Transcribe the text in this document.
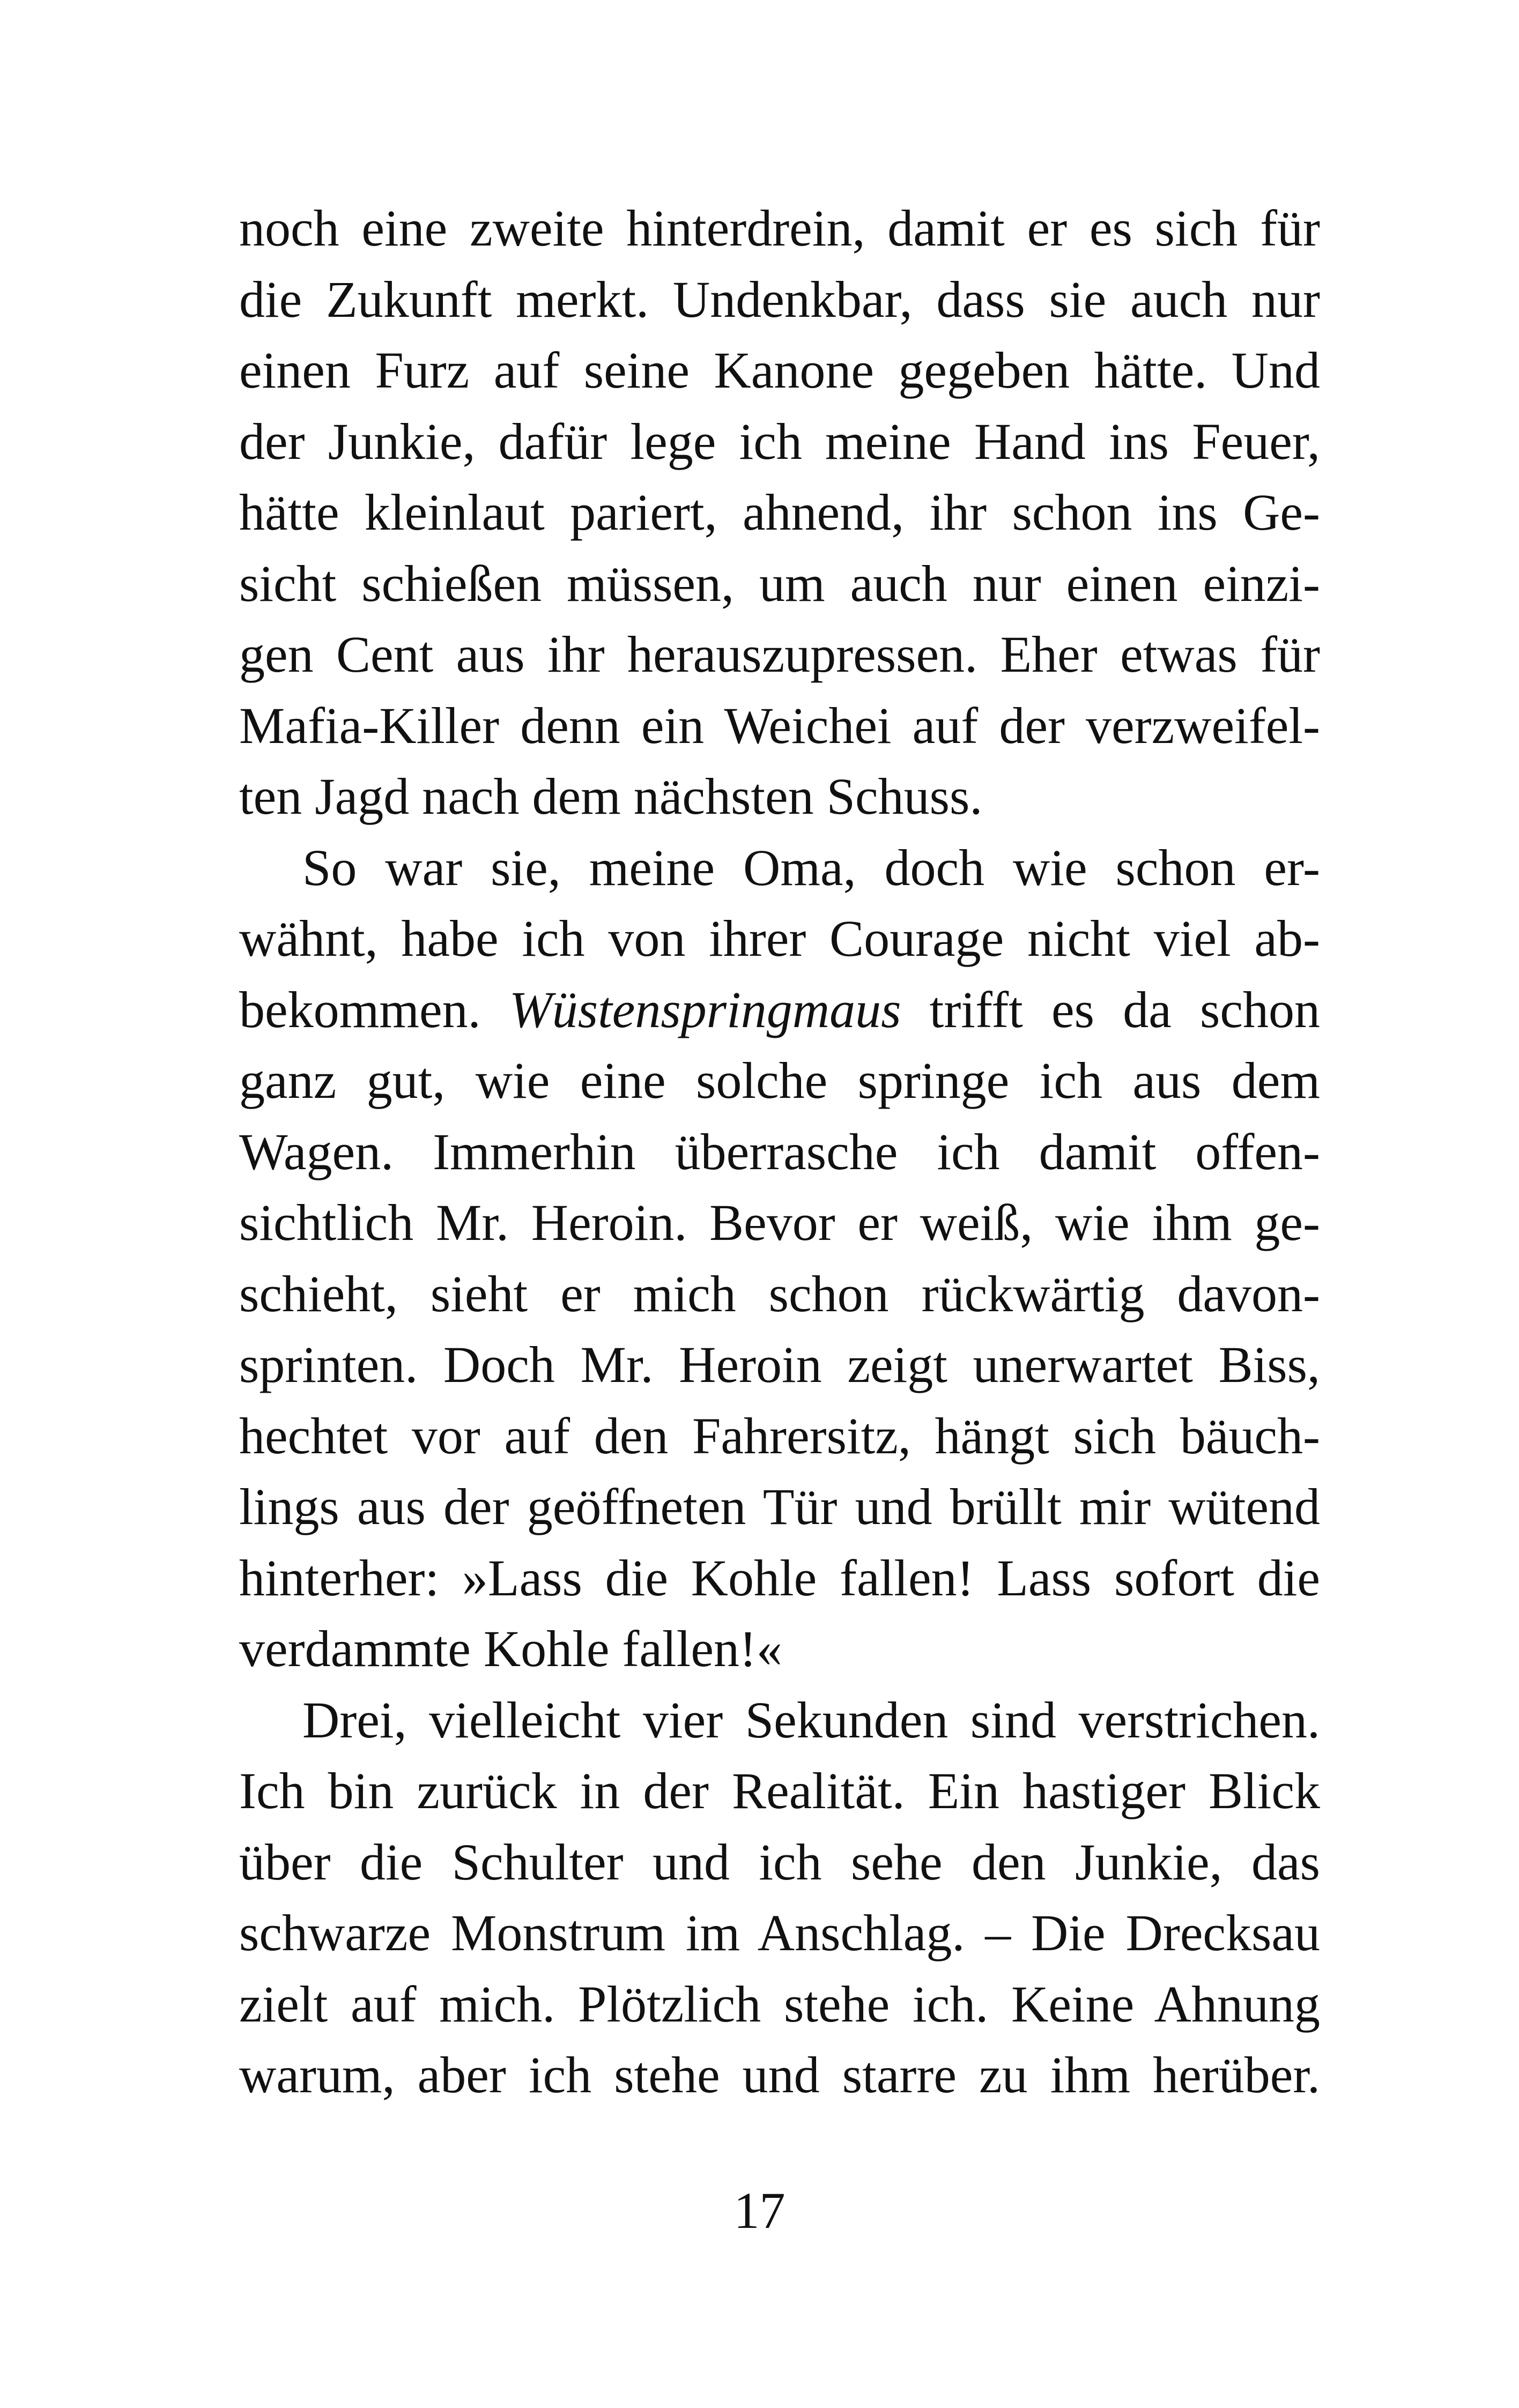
noch eine zweite hinterdrein, damit er es sich für
die Zukunft merkt. Undenkbar, dass sie auch nur
einen Furz auf seine Kanone gegeben hätte. Und
der Junkie, dafür lege ich meine Hand ins Feuer,
hätte kleinlaut pariert, ahnend, ihr schon ins Ge-
sicht schießen müssen, um auch nur einen einzi-
gen Cent aus ihr herauszupressen. Eher etwas für
Mafia-Killer denn ein Weichei auf der verzweifel-
ten Jagd nach dem nächsten Schuss.
So war sie, meine Oma, doch wie schon er-
wähnt, habe ich von ihrer Courage nicht viel ab-
bekommen. Wüstenspringmaus trifft es da schon
ganz gut, wie eine solche springe ich aus dem
Wagen. Immerhin überrasche ich damit offen-
sichtlich Mr. Heroin. Bevor er weiß, wie ihm ge-
schieht, sieht er mich schon rückwärtig davon-
sprinten. Doch Mr. Heroin zeigt unerwartet Biss,
hechtet vor auf den Fahrersitz, hängt sich bäuch-
lings aus der geöffneten Tür und brüllt mir wütend
hinterher: »Lass die Kohle fallen! Lass sofort die
verdammte Kohle fallen!«
Drei, vielleicht vier Sekunden sind verstrichen.
Ich bin zurück in der Realität. Ein hastiger Blick
über die Schulter und ich sehe den Junkie, das
schwarze Monstrum im Anschlag. – Die Drecksau
zielt auf mich. Plötzlich stehe ich. Keine Ahnung
warum, aber ich stehe und starre zu ihm herüber.
17
